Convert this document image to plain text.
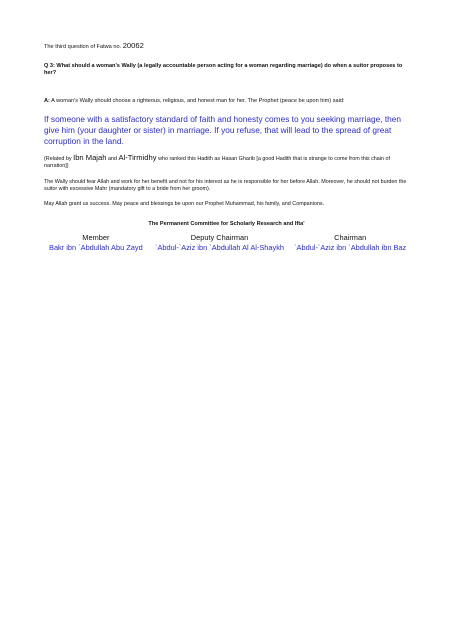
The third question of Fatwa no. 20062
Q 3: What should a woman's Wally (a legally accountable person acting for a woman regarding marriage) do when a suitor proposes to her?
A: A woman's Wally should choose a righteous, religious, and honest man for her. The Prophet (peace be upon him) said:
If someone with a satisfactory standard of faith and honesty comes to you seeking marriage, then give him (your daughter or sister) in marriage. If you refuse, that will lead to the spread of great corruption in the land.
(Related by Ibn Majah and Al-Tirmidhy who ranked this Hadith as Hasan Gharib [a good Hadith that is strange to come from this chain of narration])
The Wally should fear Allah and work for her benefit and not for his interest as he is responsible for her before Allah. Moreover, he should not burden the suitor with excessive Mahr (mandatory gift to a bride from her groom).
May Allah grant us success. May peace and blessings be upon our Prophet Muhammad, his family, and Companions.
The Permanent Committee for Scholarly Research and Ifta'
Member	Deputy Chairman	Chairman
Bakr ibn `Abdullah Abu Zayd	`Abdul-`Aziz ibn `Abdullah Al Al-Shaykh	`Abdul-`Aziz ibn `Abdullah ibn Baz
